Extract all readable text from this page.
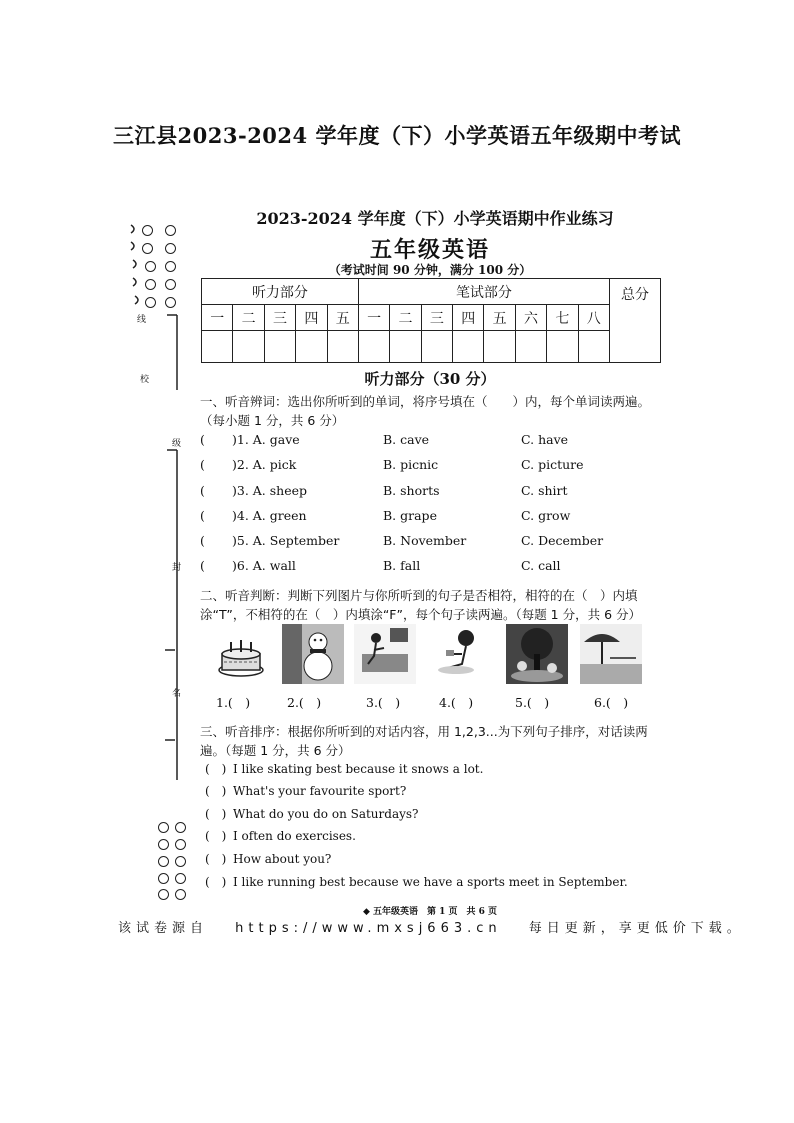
三江县2023-2024 学年度（下）小学英语五年级期中考试
线
校
级
封
名
2023-2024 学年度（下）小学英语期中作业练习
五年级英语
（考试时间 90 分钟，满分 100 分）
听力部分					笔试部分								总分
一	二	三	四	五	一	二	三	四	五	六	七	八	

听力部分（30 分）
一、听音辨词：选出你所听到的单词，将序号填在（　　）内，每个单词读两遍。（每小题 1 分，共 6 分）
( )1. A. gave	B. cave	C. have
( )2. A. pick	B. picnic	C. picture
( )3. A. sheep	B. shorts	C. shirt
( )4. A. green	B. grape	C. grow
( )5. A. September	B. November	C. December
( )6. A. wall	B. fall	C. call
二、听音判断：判断下列图片与你所听到的句子是否相符，相符的在（　）内填涂“T”，不相符的在（　）内填涂“F”，每个句子读两遍。（每题 1 分，共 6 分）
1.(　)	2.(　)	3.(　)	4.(　)	5.(　)	6.(　)
三、听音排序：根据你所听到的对话内容，用 1,2,3...为下列句子排序，对话读两遍。（每题 1 分，共 6 分）
(　) I like skating best because it snows a lot.
(　) What's your favourite sport?
(　) What do you do on Saturdays?
(　) I often do exercises.
(　) How about you?
(　) I like running best because we have a sports meet in September.
◆ 五年级英语　第 1 页　共 6 页
该试卷源自　 https://www.mxsj663.cn　 每日更新，享更低价下载。
